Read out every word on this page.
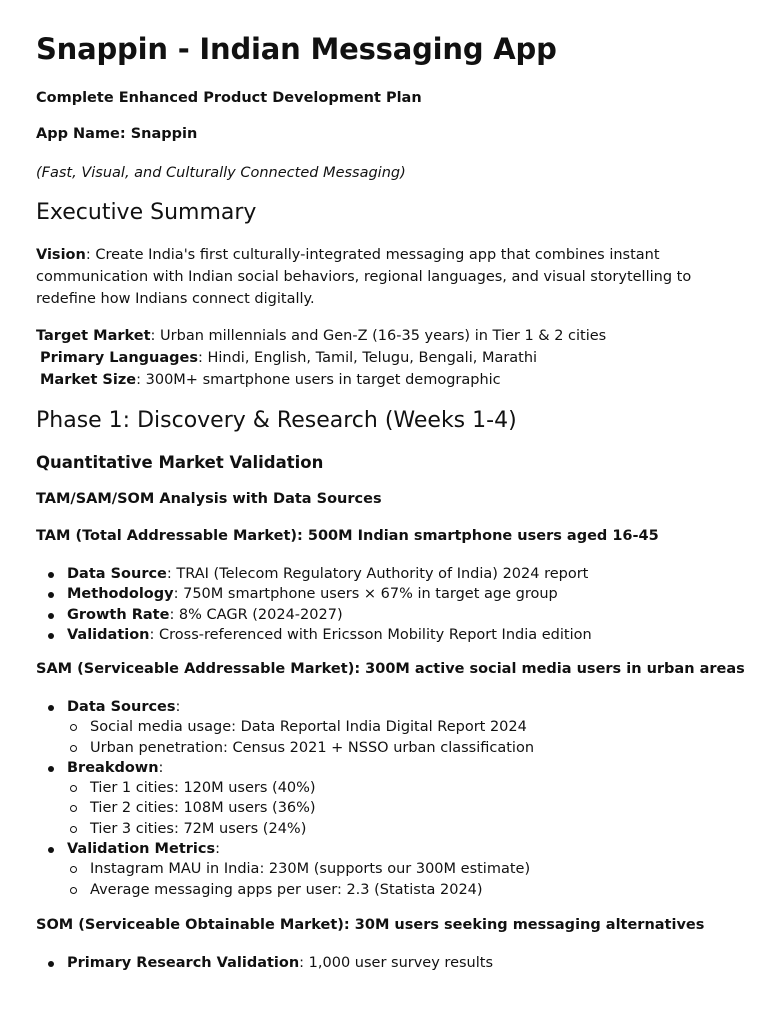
Snappin - Indian Messaging App

Complete Enhanced Product Development Plan

App Name: Snappin

(Fast, Visual, and Culturally Connected Messaging)

Executive Summary

Vision: Create India's first culturally-integrated messaging app that combines instant communication with Indian social behaviors, regional languages, and visual storytelling to redefine how Indians connect digitally.

Target Market: Urban millennials and Gen-Z (16-35 years) in Tier 1 & 2 cities
Primary Languages: Hindi, English, Tamil, Telugu, Bengali, Marathi
Market Size: 300M+ smartphone users in target demographic

Phase 1: Discovery & Research (Weeks 1-4)
Quantitative Market Validation

TAM/SAM/SOM Analysis with Data Sources

TAM (Total Addressable Market): 500M Indian smartphone users aged 16-45

Data Source: TRAI (Telecom Regulatory Authority of India) 2024 report
Methodology: 750M smartphone users × 67% in target age group
Growth Rate: 8% CAGR (2024-2027)
Validation: Cross-referenced with Ericsson Mobility Report India edition

SAM (Serviceable Addressable Market): 300M active social media users in urban areas

Data Sources:
Social media usage: Data Reportal India Digital Report 2024
Urban penetration: Census 2021 + NSSO urban classification
Breakdown:
Tier 1 cities: 120M users (40%)
Tier 2 cities: 108M users (36%)
Tier 3 cities: 72M users (24%)
Validation Metrics:
Instagram MAU in India: 230M (supports our 300M estimate)
Average messaging apps per user: 2.3 (Statista 2024)

SOM (Serviceable Obtainable Market): 30M users seeking messaging alternatives

Primary Research Validation: 1,000 user survey results
